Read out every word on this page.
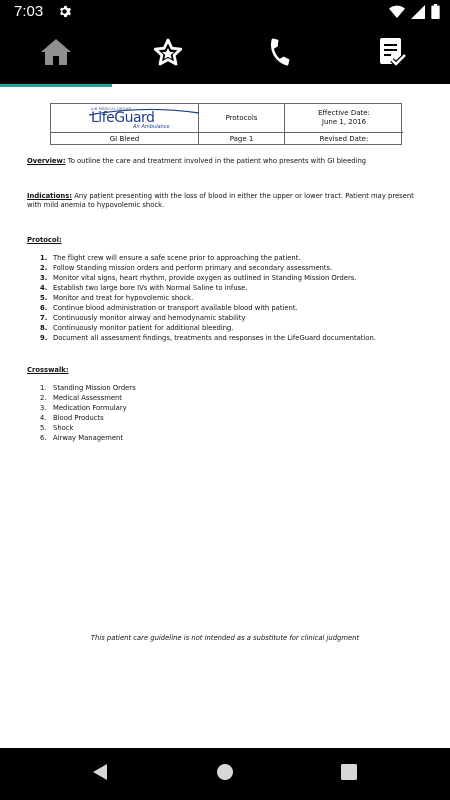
7:03
AIR MEDICAL GROUP
LifeGuard
Air Ambulance
Protocols
Effective Date:
June 1, 2016
GI Bleed	Page 1	Revised Date:
Overview: To outline the care and treatment involved in the patient who presents with GI bleeding
Indications: Any patient presenting with the loss of blood in either the upper or lower tract. Patient may present with mild anemia to hypovolemic shock.
Protocol:
1. The flight crew will ensure a safe scene prior to approaching the patient.
2. Follow Standing mission orders and perform primary and secondary assessments.
3. Monitor vital signs, heart rhythm, provide oxygen as outlined in Standing Mission Orders.
4. Establish two large bore IVs with Normal Saline to infuse.
5. Monitor and treat for hypovolemic shock.
6. Continue blood administration or transport available blood with patient.
7. Continuously monitor airway and hemodynamic stability
8. Continuously monitor patient for additional bleeding.
9. Document all assessment findings, treatments and responses in the LifeGuard documentation.
Crosswalk:
1. Standing Mission Orders
2. Medical Assessment
3. Medication Formulary
4. Blood Products
5. Shock
6. Airway Management
This patient care guideline is not intended as a substitute for clinical judgment
